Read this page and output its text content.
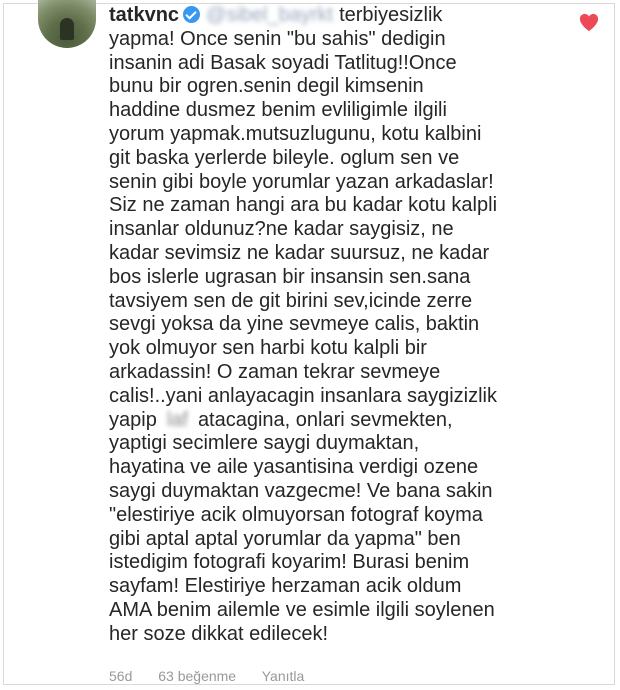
tatkvnc @sibel_bayrkt terbiyesizlik
yapma! Once senin "bu sahis" dedigin
insanin adi Basak soyadi Tatlitug!!Once
bunu bir ogren.senin degil kimsenin
haddine dusmez benim evliligimle ilgili
yorum yapmak.mutsuzlugunu, kotu kalbini
git baska yerlerde bileyle. oglum sen ve
senin gibi boyle yorumlar yazan arkadaslar!
Siz ne zaman hangi ara bu kadar kotu kalpli
insanlar oldunuz?ne kadar saygisiz, ne
kadar sevimsiz ne kadar suursuz, ne kadar
bos islerle ugrasan bir insansin sen.sana
tavsiyem sen de git birini sev,icinde zerre
sevgi yoksa da yine sevmeye calis, baktin
yok olmuyor sen harbi kotu kalpli bir
arkadassin! O zaman tekrar sevmeye
calis!..yani anlayacagin insanlara saygizizlik
yapip laf atacagina, onlari sevmekten,
yaptigi secimlere saygi duymaktan,
hayatina ve aile yasantisina verdigi ozene
saygi duymaktan vazgecme! Ve bana sakin
"elestiriye acik olmuyorsan fotograf koyma
gibi aptal aptal yorumlar da yapma" ben
istedigim fotografi koyarim! Burasi benim
sayfam! Elestiriye herzaman acik oldum
AMA benim ailemle ve esimle ilgili soylenen
her soze dikkat edilecek!
56d 63 beğenme Yanıtla
